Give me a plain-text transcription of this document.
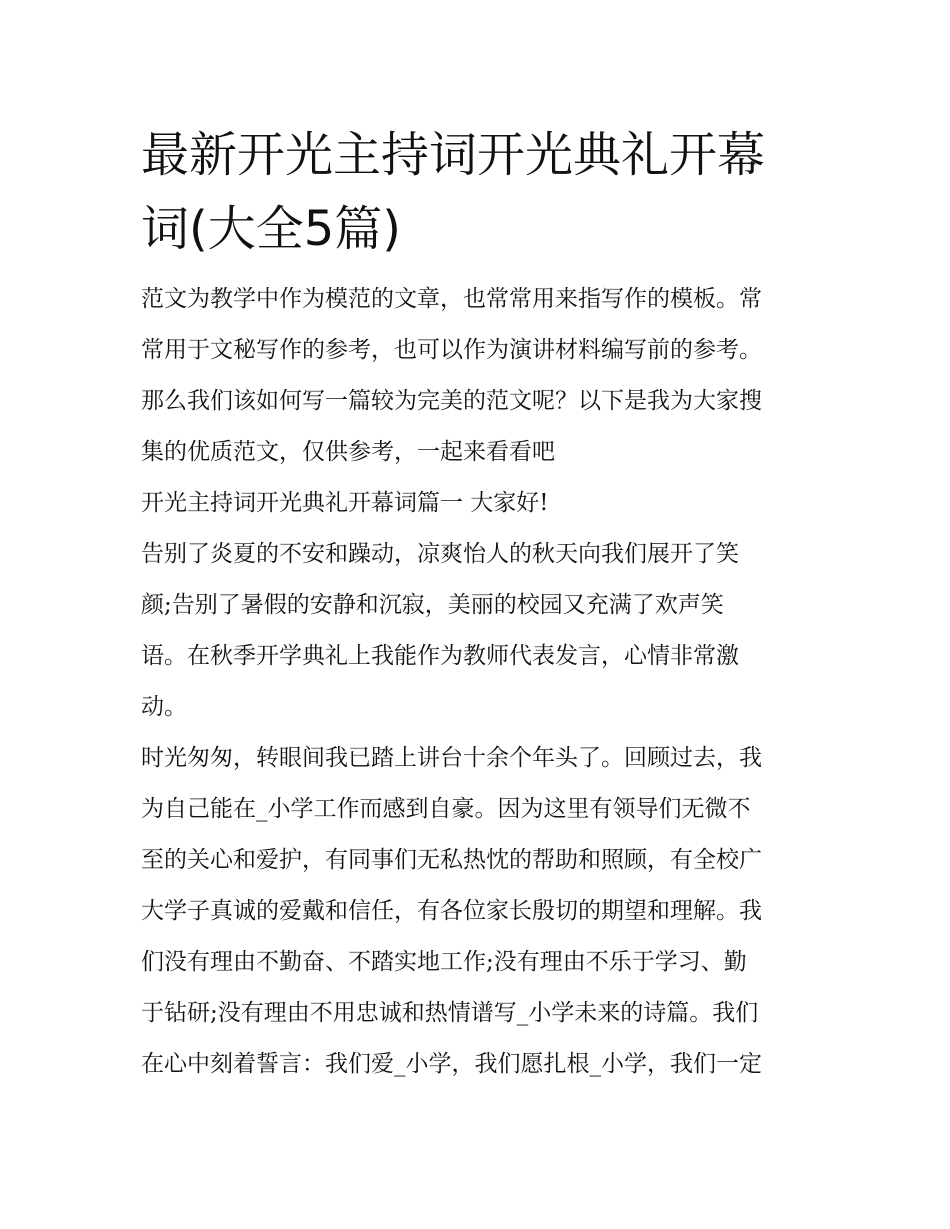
最新开光主持词开光典礼开幕
词(大全5篇)

范文为教学中作为模范的文章，也常常用来指写作的模板。常
常用于文秘写作的参考，也可以作为演讲材料编写前的参考。
那么我们该如何写一篇较为完美的范文呢？以下是我为大家搜
集的优质范文，仅供参考，一起来看看吧

开光主持词开光典礼开幕词篇一 大家好!

告别了炎夏的不安和躁动，凉爽怡人的秋天向我们展开了笑
颜;告别了暑假的安静和沉寂，美丽的校园又充满了欢声笑
语。在秋季开学典礼上我能作为教师代表发言，心情非常激
动。

时光匆匆，转眼间我已踏上讲台十余个年头了。回顾过去，我
为自己能在_小学工作而感到自豪。因为这里有领导们无微不
至的关心和爱护，有同事们无私热忱的帮助和照顾，有全校广
大学子真诚的爱戴和信任，有各位家长殷切的期望和理解。我
们没有理由不勤奋、不踏实地工作;没有理由不乐于学习、勤
于钻研;没有理由不用忠诚和热情谱写_小学未来的诗篇。我们
在心中刻着誓言：我们爱_小学，我们愿扎根_小学，我们一定
